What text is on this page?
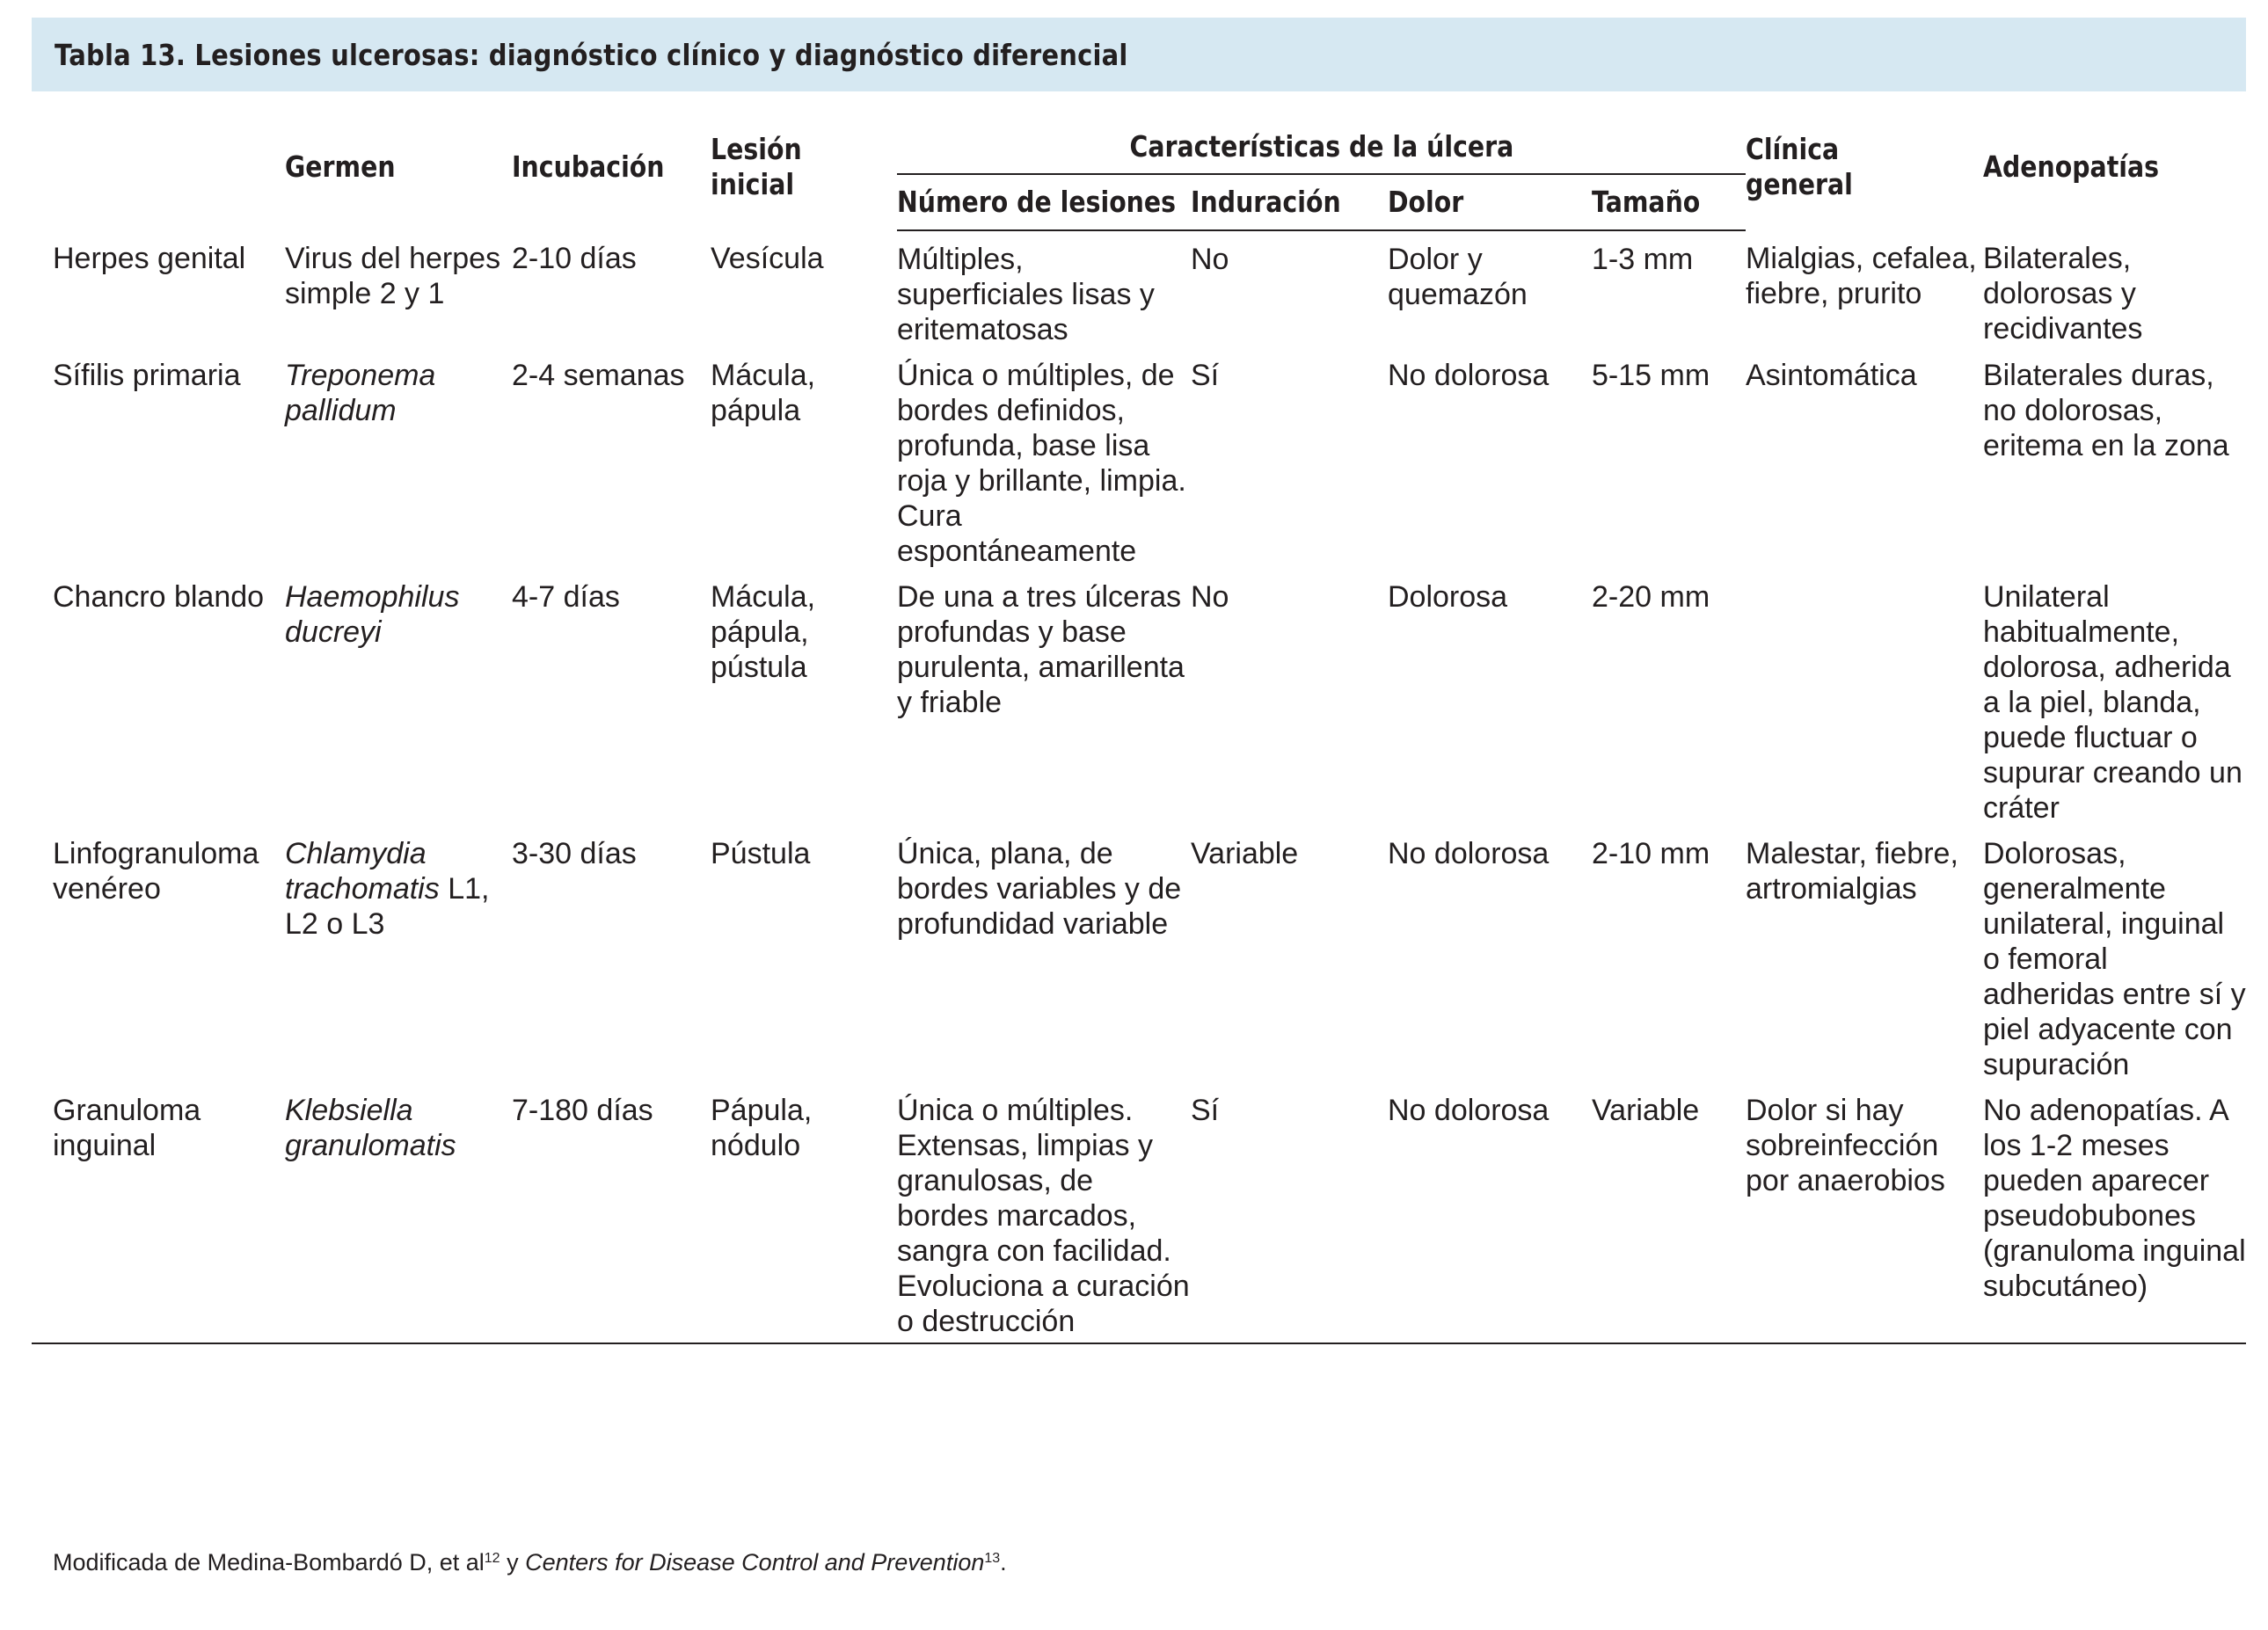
Tabla 13. Lesiones ulcerosas: diagnóstico clínico y diagnóstico diferencial
	Germen	Incubación	Lesión inicial	Características de la úlcera				Clínica general	Adenopatías
				Número de lesiones	Induración	Dolor	Tamaño		
Herpes genital	Virus del herpes simple 2 y 1	2-10 días	Vesícula	Múltiples, superficiales lisas y eritematosas	No	Dolor y quemazón	1-3 mm	Mialgias, cefalea, fiebre, prurito	Bilaterales, dolorosas y recidivantes
Sífilis primaria	Treponema pallidum	2-4 semanas	Mácula, pápula	Única o múltiples, de bordes definidos, profunda, base lisa roja y brillante, limpia. Cura espontáneamente	Sí	No dolorosa	5-15 mm	Asintomática	Bilaterales duras, no dolorosas, eritema en la zona
Chancro blando	Haemophilus ducreyi	4-7 días	Mácula, pápula, pústula	De una a tres úlceras profundas y base purulenta, amarillenta y friable	No	Dolorosa	2-20 mm		Unilateral habitualmente, dolorosa, adherida a la piel, blanda, puede fluctuar o supurar creando un cráter
Linfogranuloma venéreo	Chlamydia trachomatis L1, L2 o L3	3-30 días	Pústula	Única, plana, de bordes variables y de profundidad variable	Variable	No dolorosa	2-10 mm	Malestar, fiebre, artromialgias	Dolorosas, generalmente unilateral, inguinal o femoral adheridas entre sí y piel adyacente con supuración
Granuloma inguinal	Klebsiella granulomatis	7-180 días	Pápula, nódulo	Única o múltiples. Extensas, limpias y granulosas, de bordes marcados, sangra con facilidad. Evoluciona a curación o destrucción	Sí	No dolorosa	Variable	Dolor si hay sobreinfección por anaerobios	No adenopatías. A los 1-2 meses pueden aparecer pseudobubones (granuloma inguinal subcutáneo)
Modificada de Medina-Bombardó D, et $al^{12}$ y Centers for Disease Control and Prevention$^{13}$.
